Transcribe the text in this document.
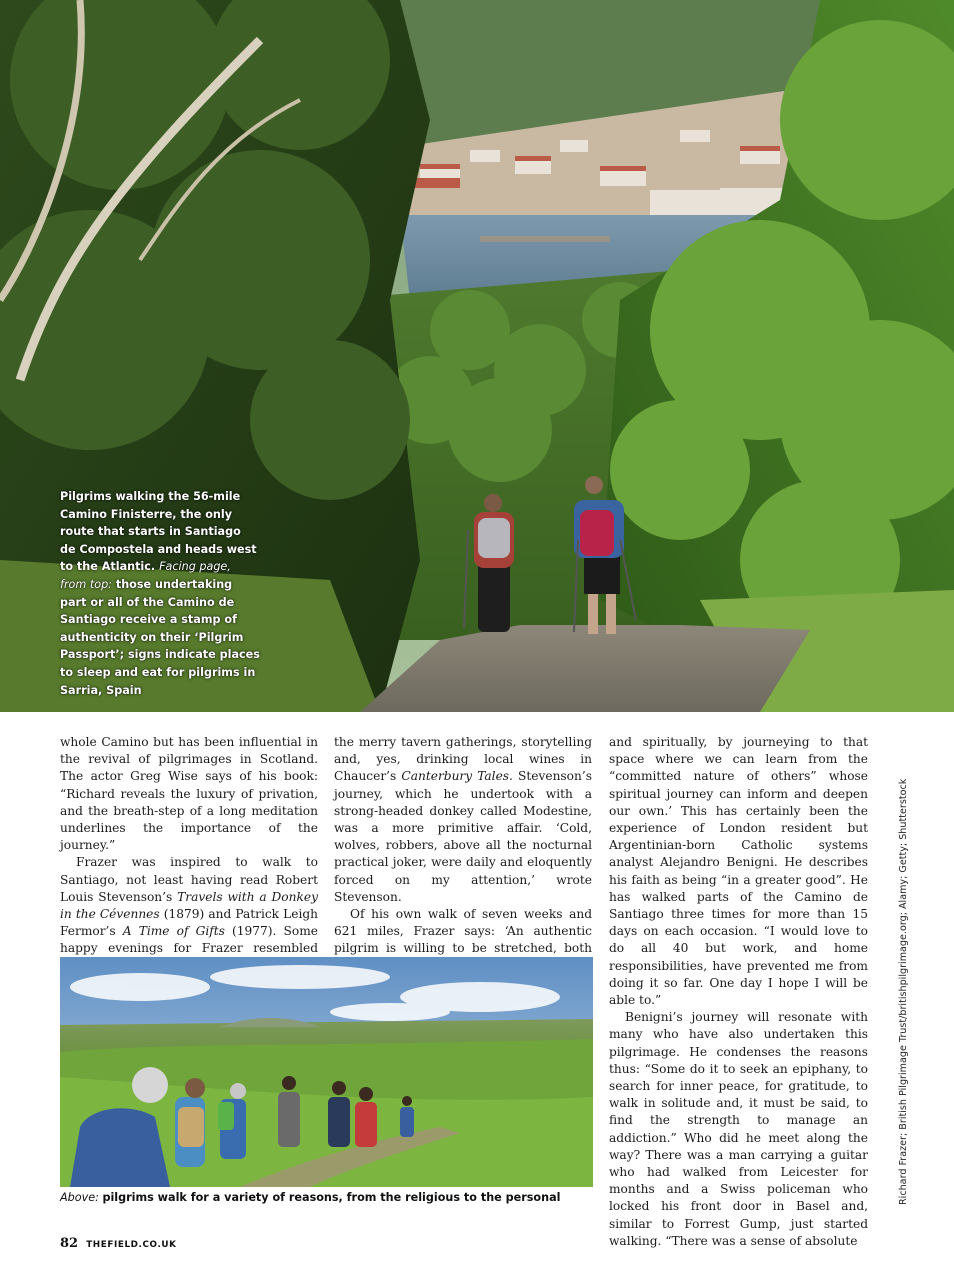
Pilgrims walking the 56-mile Camino Finisterre, the only route that starts in Santiago de Compostela and heads west to the Atlantic. Facing page, from top: those undertaking part or all of the Camino de Santiago receive a stamp of authenticity on their ‘Pilgrim Passport’; signs indicate places to sleep and eat for pilgrims in Sarria, Spain

whole Camino but has been influential in the revival of pilgrimages in Scotland. The actor Greg Wise says of his book: “Richard reveals the luxury of privation, and the breath-step of a long meditation underlines the importance of the journey.”

Frazer was inspired to walk to Santiago, not least having read Robert Louis Stevenson’s Travels with a Donkey in the Cévennes (1879) and Patrick Leigh Fermor’s A Time of Gifts (1977). Some happy evenings for Frazer resembled

the merry tavern gatherings, storytelling and, yes, drinking local wines in Chaucer’s Canterbury Tales. Stevenson’s journey, which he undertook with a strong-headed donkey called Modestine, was a more primitive affair. ‘Cold, wolves, robbers, above all the nocturnal practical joker, were daily and eloquently forced on my attention,’ wrote Stevenson.

Of his own walk of seven weeks and 621 miles, Frazer says: ‘An authentic pilgrim is willing to be stretched, both

and spiritually, by journeying to that space where we can learn from the “committed nature of others” whose spiritual journey can inform and deepen our own.’ This has certainly been the experience of London resident but Argentinian-born Catholic systems analyst Alejandro Benigni. He describes his faith as being “in a greater good”. He has walked parts of the Camino de Santiago three times for more than 15 days on each occasion. “I would love to do all 40 but work, and home responsibilities, have prevented me from doing it so far. One day I hope I will be able to.”

Benigni’s journey will resonate with many who have also undertaken this pilgrimage. He condenses the reasons thus: “Some do it to seek an epiphany, to search for inner peace, for gratitude, to walk in solitude and, it must be said, to find the strength to manage an addiction.” Who did he meet along the way? There was a man carrying a guitar who had walked from Leicester for months and a Swiss policeman who locked his front door in Basel and, similar to Forrest Gump, just started walking. “There was a sense of absolute

Above: pilgrims walk for a variety of reasons, from the religious to the personal	Richard Frazer; British Pilgrimage Trust/britishpilgrimage.org; Alamy; Getty; Shutterstock
82 THEFIELD.CO.UK
